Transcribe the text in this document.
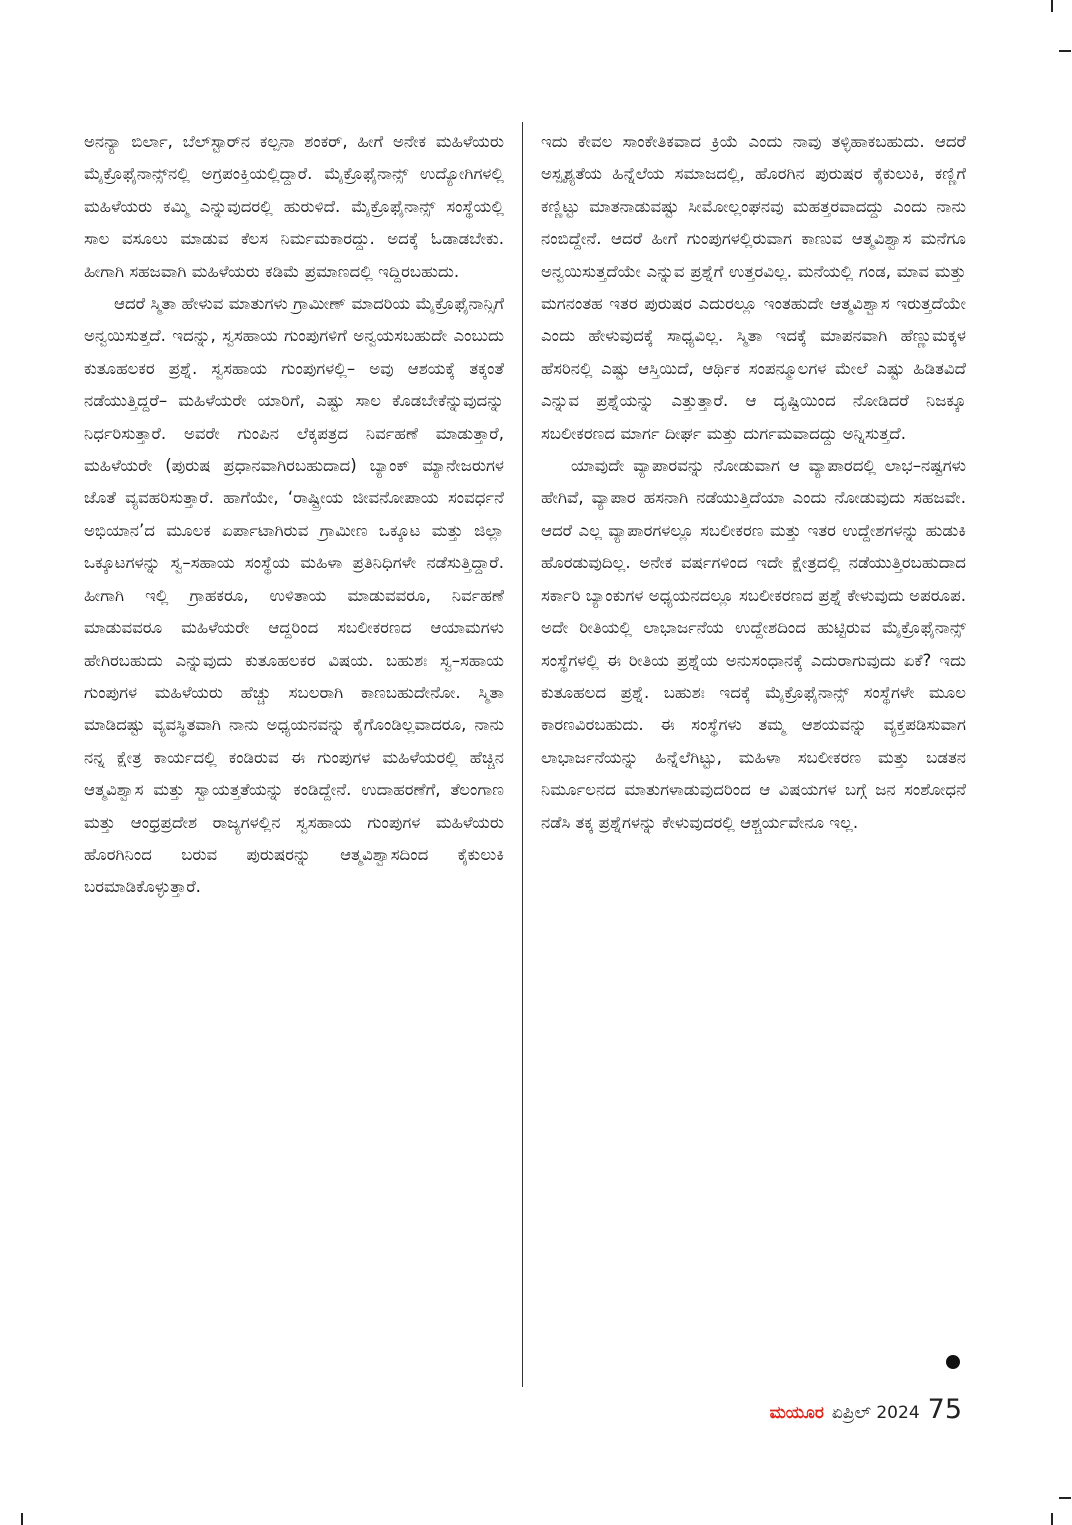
ಅನನ್ಯಾ ಬಿರ್ಲಾ, ಬೆಲ್‌ಸ್ಟಾರ್‌ನ ಕಲ್ಪನಾ ಶಂಕರ್, ಹೀಗೆ ಅನೇಕ ಮಹಿಳೆಯರು ಮೈಕ್ರೊಫೈನಾನ್ಸ್‌ನಲ್ಲಿ ಅಗ್ರಪಂಕ್ತಿಯಲ್ಲಿದ್ದಾರೆ. ಮೈಕ್ರೊಫೈನಾನ್ಸ್ ಉದ್ಯೋಗಿಗಳಲ್ಲಿ ಮಹಿಳೆಯರು ಕಮ್ಮಿ ಎನ್ನುವುದರಲ್ಲಿ ಹುರುಳಿದೆ. ಮೈಕ್ರೊಫೈನಾನ್ಸ್ ಸಂಸ್ಥೆಯಲ್ಲಿ ಸಾಲ ವಸೂಲು ಮಾಡುವ ಕೆಲಸ ನಿರ್ಮಮಕಾರದ್ದು. ಅದಕ್ಕೆ ಓಡಾಡಬೇಕು. ಹೀಗಾಗಿ ಸಹಜವಾಗಿ ಮಹಿಳೆಯರು ಕಡಿಮೆ ಪ್ರಮಾಣದಲ್ಲಿ ಇದ್ದಿರಬಹುದು.

ಆದರೆ ಸ್ಮಿತಾ ಹೇಳುವ ಮಾತುಗಳು ಗ್ರಾಮೀಣ್ ಮಾದರಿಯ ಮೈಕ್ರೊಫೈನಾನ್ಸಿಗೆ ಅನ್ವಯಿಸುತ್ತದೆ. ಇದನ್ನು, ಸ್ವಸಹಾಯ ಗುಂಪುಗಳಿಗೆ ಅನ್ವಯಸಬಹುದೇ ಎಂಬುದು ಕುತೂಹಲಕರ ಪ್ರಶ್ನೆ. ಸ್ವಸಹಾಯ ಗುಂಪುಗಳಲ್ಲಿ– ಅವು ಆಶಯಕ್ಕೆ ತಕ್ಕಂತೆ ನಡೆಯುತ್ತಿದ್ದರೆ– ಮಹಿಳೆಯರೇ ಯಾರಿಗೆ, ಎಷ್ಟು ಸಾಲ ಕೊಡಬೇಕೆನ್ನುವುದನ್ನು ನಿರ್ಧರಿಸುತ್ತಾರೆ. ಅವರೇ ಗುಂಪಿನ ಲೆಕ್ಕಪತ್ರದ ನಿರ್ವಹಣೆ ಮಾಡುತ್ತಾರೆ, ಮಹಿಳೆಯರೇ (ಪುರುಷ ಪ್ರಧಾನವಾಗಿರಬಹುದಾದ) ಬ್ಯಾಂಕ್ ಮ್ಯಾನೇಜರುಗಳ ಜೊತೆ ವ್ಯವಹರಿಸುತ್ತಾರೆ. ಹಾಗೆಯೇ, ‘ರಾಷ್ಟ್ರೀಯ ಜೀವನೋಪಾಯ ಸಂವರ್ಧನೆ ಅಭಿಯಾನ’ದ ಮೂಲಕ ಏರ್ಪಾಟಾಗಿರುವ ಗ್ರಾಮೀಣ ಒಕ್ಕೂಟ ಮತ್ತು ಜಿಲ್ಲಾ ಒಕ್ಕೂಟಗಳನ್ನು ಸ್ವ–ಸಹಾಯ ಸಂಸ್ಥೆಯ ಮಹಿಳಾ ಪ್ರತಿನಿಧಿಗಳೇ ನಡೆಸುತ್ತಿದ್ದಾರೆ. ಹೀಗಾಗಿ ಇಲ್ಲಿ ಗ್ರಾಹಕರೂ, ಉಳಿತಾಯ ಮಾಡುವವರೂ, ನಿರ್ವಹಣೆ ಮಾಡುವವರೂ ಮಹಿಳೆಯರೇ ಆದ್ದರಿಂದ ಸಬಲೀಕರಣದ ಆಯಾಮಗಳು ಹೇಗಿರಬಹುದು ಎನ್ನುವುದು ಕುತೂಹಲಕರ ವಿಷಯ. ಬಹುಶಃ ಸ್ವ–ಸಹಾಯ ಗುಂಪುಗಳ ಮಹಿಳೆಯರು ಹೆಚ್ಚು ಸಬಲರಾಗಿ ಕಾಣಬಹುದೇನೋ. ಸ್ಮಿತಾ ಮಾಡಿದಷ್ಟು ವ್ಯವಸ್ಥಿತವಾಗಿ ನಾನು ಅಧ್ಯಯನವನ್ನು ಕೈಗೊಂಡಿಲ್ಲವಾದರೂ, ನಾನು ನನ್ನ ಕ್ಷೇತ್ರ ಕಾರ್ಯದಲ್ಲಿ ಕಂಡಿರುವ ಈ ಗುಂಪುಗಳ ಮಹಿಳೆಯರಲ್ಲಿ ಹೆಚ್ಚಿನ ಆತ್ಮವಿಶ್ವಾಸ ಮತ್ತು ಸ್ವಾಯತ್ತತೆಯನ್ನು ಕಂಡಿದ್ದೇನೆ. ಉದಾಹರಣೆಗೆ, ತೆಲಂಗಾಣ ಮತ್ತು ಆಂಧ್ರಪ್ರದೇಶ ರಾಜ್ಯಗಳಲ್ಲಿನ ಸ್ವಸಹಾಯ ಗುಂಪುಗಳ ಮಹಿಳೆಯರು ಹೊರಗಿನಿಂದ ಬರುವ ಪುರುಷರನ್ನು ಆತ್ಮವಿಶ್ವಾಸದಿಂದ ಕೈಕುಲುಕಿ ಬರಮಾಡಿಕೊಳ್ಳುತ್ತಾರೆ.

ಇದು ಕೇವಲ ಸಾಂಕೇತಿಕವಾದ ಕ್ರಿಯೆ ಎಂದು ನಾವು ತಳ್ಳಿಹಾಕಬಹುದು. ಆದರೆ ಅಸ್ಪೃಶ್ಯತೆಯ ಹಿನ್ನೆಲೆಯ ಸಮಾಜದಲ್ಲಿ, ಹೊರಗಿನ ಪುರುಷರ ಕೈಕುಲುಕಿ, ಕಣ್ಣಿಗೆ ಕಣ್ಣಿಟ್ಟು ಮಾತನಾಡುವಷ್ಟು ಸೀಮೋಲ್ಲಂಘನವು ಮಹತ್ತರವಾದದ್ದು ಎಂದು ನಾನು ನಂಬಿದ್ದೇನೆ. ಆದರೆ ಹೀಗೆ ಗುಂಪುಗಳಲ್ಲಿರುವಾಗ ಕಾಣುವ ಆತ್ಮವಿಶ್ವಾಸ ಮನೆಗೂ ಅನ್ವಯಿಸುತ್ತದೆಯೇ ಎನ್ನುವ ಪ್ರಶ್ನೆಗೆ ಉತ್ತರವಿಲ್ಲ. ಮನೆಯಲ್ಲಿ ಗಂಡ, ಮಾವ ಮತ್ತು ಮಗನಂತಹ ಇತರ ಪುರುಷರ ಎದುರಲ್ಲೂ ಇಂತಹುದೇ ಆತ್ಮವಿಶ್ವಾಸ ಇರುತ್ತದೆಯೇ ಎಂದು ಹೇಳುವುದಕ್ಕೆ ಸಾಧ್ಯವಿಲ್ಲ. ಸ್ಮಿತಾ ಇದಕ್ಕೆ ಮಾಪನವಾಗಿ ಹೆಣ್ಣುಮಕ್ಕಳ ಹೆಸರಿನಲ್ಲಿ ಎಷ್ಟು ಆಸ್ತಿಯಿದೆ, ಆರ್ಥಿಕ ಸಂಪನ್ಮೂಲಗಳ ಮೇಲೆ ಎಷ್ಟು ಹಿಡಿತವಿದೆ ಎನ್ನುವ ಪ್ರಶ್ನೆಯನ್ನು ಎತ್ತುತ್ತಾರೆ. ಆ ದೃಷ್ಟಿಯಿಂದ ನೋಡಿದರೆ ನಿಜಕ್ಕೂ ಸಬಲೀಕರಣದ ಮಾರ್ಗ ದೀರ್ಘ ಮತ್ತು ದುರ್ಗಮವಾದದ್ದು ಅನ್ನಿಸುತ್ತದೆ.

ಯಾವುದೇ ವ್ಯಾಪಾರವನ್ನು ನೋಡುವಾಗ ಆ ವ್ಯಾಪಾರದಲ್ಲಿ ಲಾಭ–ನಷ್ಟಗಳು ಹೇಗಿವೆ, ವ್ಯಾಪಾರ ಹಸನಾಗಿ ನಡೆಯುತ್ತಿದೆಯಾ ಎಂದು ನೋಡುವುದು ಸಹಜವೇ. ಆದರೆ ಎಲ್ಲ ವ್ಯಾಪಾರಗಳಲ್ಲೂ ಸಬಲೀಕರಣ ಮತ್ತು ಇತರ ಉದ್ದೇಶಗಳನ್ನು ಹುಡುಕಿ ಹೊರಡುವುದಿಲ್ಲ. ಅನೇಕ ವರ್ಷಗಳಿಂದ ಇದೇ ಕ್ಷೇತ್ರದಲ್ಲಿ ನಡೆಯುತ್ತಿರಬಹುದಾದ ಸರ್ಕಾರಿ ಬ್ಯಾಂಕುಗಳ ಅಧ್ಯಯನದಲ್ಲೂ ಸಬಲೀಕರಣದ ಪ್ರಶ್ನೆ ಕೇಳುವುದು ಅಪರೂಪ. ಅದೇ ರೀತಿಯಲ್ಲಿ ಲಾಭಾರ್ಜನೆಯ ಉದ್ದೇಶದಿಂದ ಹುಟ್ಟಿರುವ ಮೈಕ್ರೊಫೈನಾನ್ಸ್ ಸಂಸ್ಥೆಗಳಲ್ಲಿ ಈ ರೀತಿಯ ಪ್ರಶ್ನೆಯ ಅನುಸಂಧಾನಕ್ಕೆ ಎದುರಾಗುವುದು ಏಕೆ? ಇದು ಕುತೂಹಲದ ಪ್ರಶ್ನೆ. ಬಹುಶಃ ಇದಕ್ಕೆ ಮೈಕ್ರೊಫೈನಾನ್ಸ್ ಸಂಸ್ಥೆಗಳೇ ಮೂಲ ಕಾರಣವಿರಬಹುದು. ಈ ಸಂಸ್ಥೆಗಳು ತಮ್ಮ ಆಶಯವನ್ನು ವ್ಯಕ್ತಪಡಿಸುವಾಗ ಲಾಭಾರ್ಜನೆಯನ್ನು ಹಿನ್ನೆಲೆಗಿಟ್ಟು, ಮಹಿಳಾ ಸಬಲೀಕರಣ ಮತ್ತು ಬಡತನ ನಿರ್ಮೂಲನದ ಮಾತುಗಳಾಡುವುದರಿಂದ ಆ ವಿಷಯಗಳ ಬಗ್ಗೆ ಜನ ಸಂಶೋಧನೆ ನಡೆಸಿ ತಕ್ಕ ಪ್ರಶ್ನೆಗಳನ್ನು ಕೇಳುವುದರಲ್ಲಿ ಆಶ್ಚರ್ಯವೇನೂ ಇಲ್ಲ.

ಮಯೂರ ಏಪ್ರಿಲ್ 2024 75
